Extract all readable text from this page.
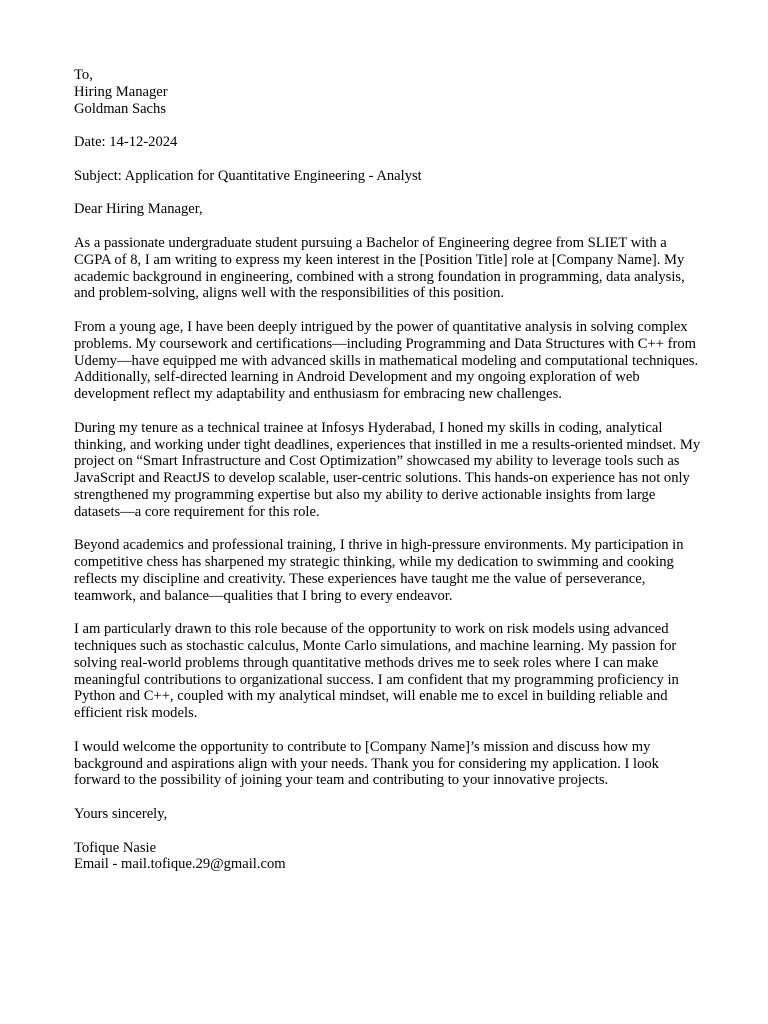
To,
Hiring Manager
Goldman Sachs
Date: 14-12-2024
Subject: Application for Quantitative Engineering - Analyst
Dear Hiring Manager,

As a passionate undergraduate student pursuing a Bachelor of Engineering degree from SLIET with a CGPA of 8, I am writing to express my keen interest in the [Position Title] role at [Company Name]. My academic background in engineering, combined with a strong foundation in programming, data analysis, and problem-solving, aligns well with the responsibilities of this position.

From a young age, I have been deeply intrigued by the power of quantitative analysis in solving complex problems. My coursework and certifications—including Programming and Data Structures with C++ from Udemy—have equipped me with advanced skills in mathematical modeling and computational techniques. Additionally, self-directed learning in Android Development and my ongoing exploration of web development reflect my adaptability and enthusiasm for embracing new challenges.

During my tenure as a technical trainee at Infosys Hyderabad, I honed my skills in coding, analytical thinking, and working under tight deadlines, experiences that instilled in me a results-oriented mindset. My project on “Smart Infrastructure and Cost Optimization” showcased my ability to leverage tools such as JavaScript and ReactJS to develop scalable, user-centric solutions. This hands-on experience has not only strengthened my programming expertise but also my ability to derive actionable insights from large datasets—a core requirement for this role.

Beyond academics and professional training, I thrive in high-pressure environments. My participation in competitive chess has sharpened my strategic thinking, while my dedication to swimming and cooking reflects my discipline and creativity. These experiences have taught me the value of perseverance, teamwork, and balance—qualities that I bring to every endeavor.

I am particularly drawn to this role because of the opportunity to work on risk models using advanced techniques such as stochastic calculus, Monte Carlo simulations, and machine learning. My passion for solving real-world problems through quantitative methods drives me to seek roles where I can make meaningful contributions to organizational success. I am confident that my programming proficiency in Python and C++, coupled with my analytical mindset, will enable me to excel in building reliable and efficient risk models.

I would welcome the opportunity to contribute to [Company Name]’s mission and discuss how my background and aspirations align with your needs. Thank you for considering my application. I look forward to the possibility of joining your team and contributing to your innovative projects.

Yours sincerely,
Tofique Nasie
Email - mail.tofique.29@gmail.com
